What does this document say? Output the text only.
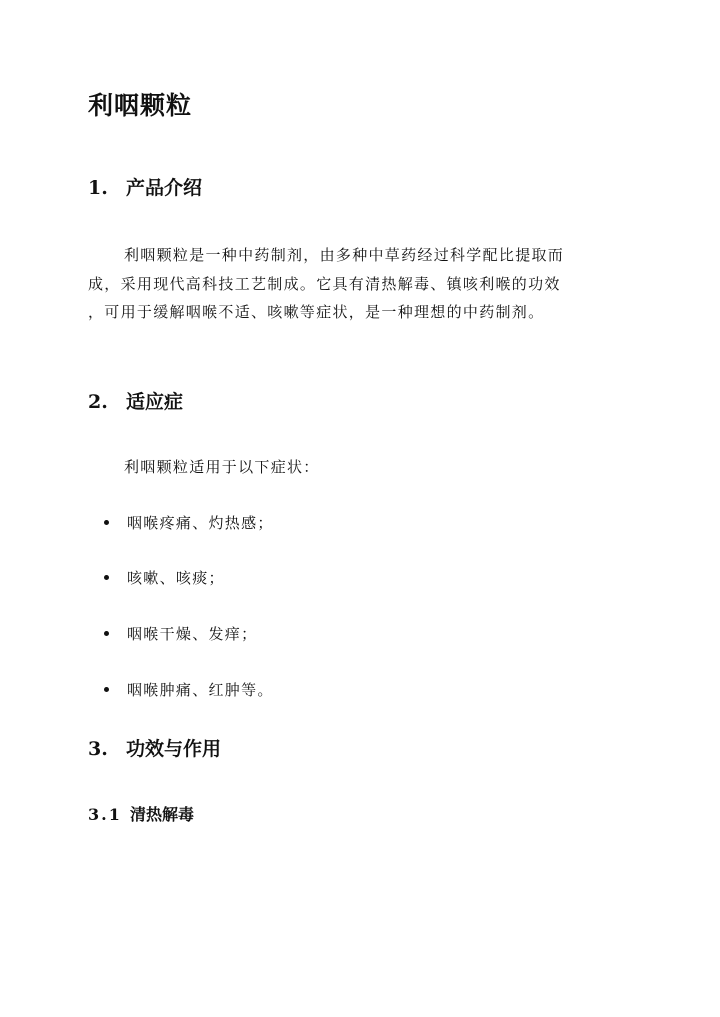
利咽颗粒
1. 产品介绍
利咽颗粒是一种中药制剂，由多种中草药经过科学配比提取而
成，采用现代高科技工艺制成。它具有清热解毒、镇咳利喉的功效
，可用于缓解咽喉不适、咳嗽等症状，是一种理想的中药制剂。
2. 适应症

利咽颗粒适用于以下症状：

咽喉疼痛、灼热感；
咳嗽、咳痰；
咽喉干燥、发痒；
咽喉肿痛、红肿等。
3. 功效与作用
3.1 清热解毒
